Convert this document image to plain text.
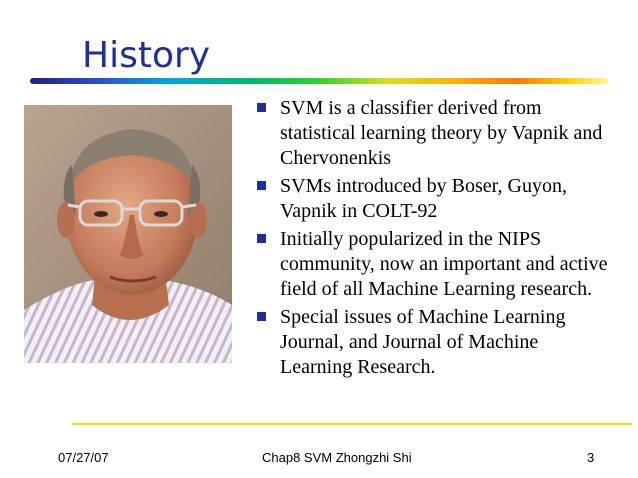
History
SVM is a classifier derived from statistical learning theory by Vapnik and Chervonenkis
SVMs introduced by Boser, Guyon, Vapnik in COLT-92
Initially popularized in the NIPS community, now an important and active field of all Machine Learning research.
Special issues of Machine Learning Journal, and Journal of Machine Learning Research.
07/27/07	Chap8 SVM Zhongzhi Shi	3
